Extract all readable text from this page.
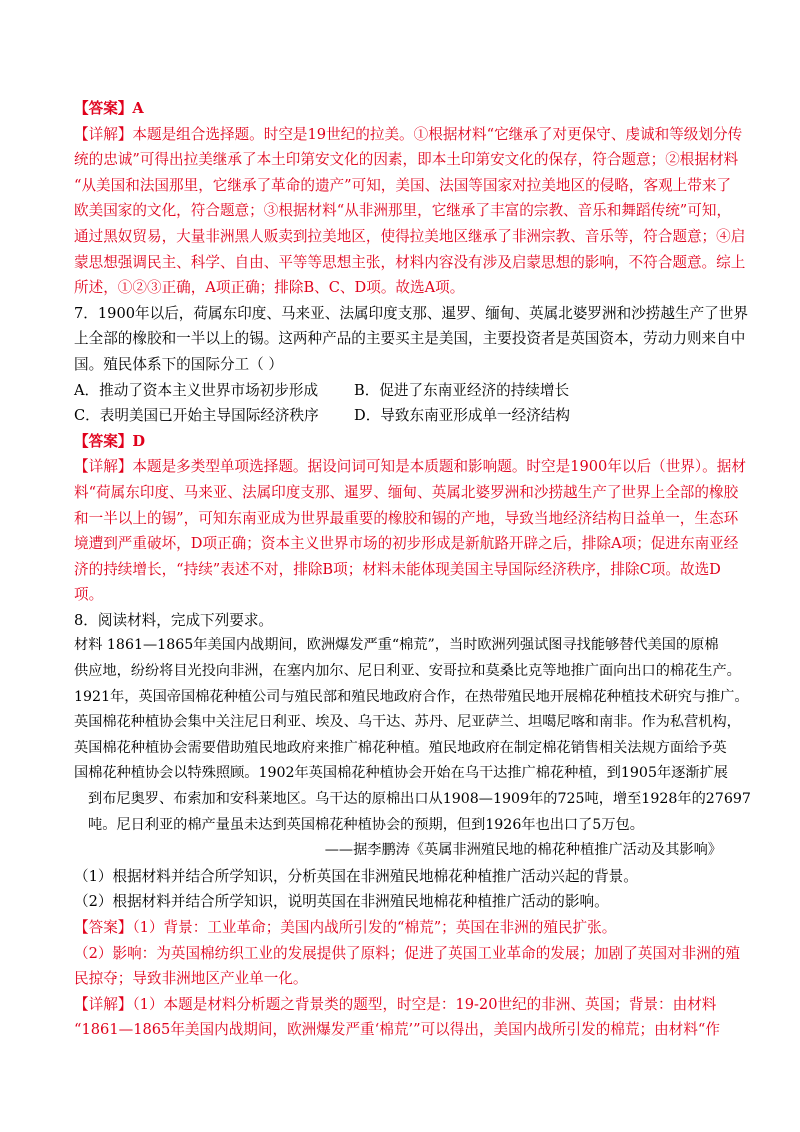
【答案】A
【详解】本题是组合选择题。时空是19世纪的拉美。①根据材料“它继承了对更保守、虔诚和等级划分传
统的忠诚”可得出拉美继承了本土印第安文化的因素，即本土印第安文化的保存，符合题意；②根据材料
“从美国和法国那里，它继承了革命的遗产”可知，美国、法国等国家对拉美地区的侵略，客观上带来了
欧美国家的文化，符合题意；③根据材料“从非洲那里，它继承了丰富的宗教、音乐和舞蹈传统”可知，
通过黑奴贸易，大量非洲黑人贩卖到拉美地区，使得拉美地区继承了非洲宗教、音乐等，符合题意；④启
蒙思想强调民主、科学、自由、平等等思想主张，材料内容没有涉及启蒙思想的影响，不符合题意。综上
所述，①②③正确，A项正确；排除B、C、D项。故选A项。
7．1900年以后，荷属东印度、马来亚、法属印度支那、暹罗、缅甸、英属北婆罗洲和沙捞越生产了世界
上全部的橡胶和一半以上的锡。这两种产品的主要买主是美国，主要投资者是英国资本，劳动力则来自中
国。殖民体系下的国际分工（ ）
A．推动了资本主义世界市场初步形成	B．促进了东南亚经济的持续增长
C．表明美国已开始主导国际经济秩序	D．导致东南亚形成单一经济结构
【答案】D
【详解】本题是多类型单项选择题。据设问词可知是本质题和影响题。时空是1900年以后（世界）。据材
料“荷属东印度、马来亚、法属印度支那、暹罗、缅甸、英属北婆罗洲和沙捞越生产了世界上全部的橡胶
和一半以上的锡”，可知东南亚成为世界最重要的橡胶和锡的产地，导致当地经济结构日益单一，生态环
境遭到严重破坏，D项正确；资本主义世界市场的初步形成是新航路开辟之后，排除A项；促进东南亚经
济的持续增长，“持续”表述不对，排除B项；材料未能体现美国主导国际经济秩序，排除C项。故选D
项。
8．阅读材料，完成下列要求。
材料 1861—1865年美国内战期间，欧洲爆发严重“棉荒”，当时欧洲列强试图寻找能够替代美国的原棉
供应地，纷纷将目光投向非洲，在塞内加尔、尼日利亚、安哥拉和莫桑比克等地推广面向出口的棉花生产。
1921年，英国帝国棉花种植公司与殖民部和殖民地政府合作，在热带殖民地开展棉花种植技术研究与推广。
英国棉花种植协会集中关注尼日利亚、埃及、乌干达、苏丹、尼亚萨兰、坦噶尼喀和南非。作为私营机构，
英国棉花种植协会需要借助殖民地政府来推广棉花种植。殖民地政府在制定棉花销售相关法规方面给予英
国棉花种植协会以特殊照顾。1902年英国棉花种植协会开始在乌干达推广棉花种植，到1905年逐渐扩展
到布尼奥罗、布索加和安科莱地区。乌干达的原棉出口从1908—1909年的725吨，增至1928年的27697
吨。尼日利亚的棉产量虽未达到英国棉花种植协会的预期，但到1926年也出口了5万包。
——据李鹏涛《英属非洲殖民地的棉花种植推广活动及其影响》
（1）根据材料并结合所学知识，分析英国在非洲殖民地棉花种植推广活动兴起的背景。
（2）根据材料并结合所学知识，说明英国在非洲殖民地棉花种植推广活动的影响。
【答案】（1）背景：工业革命；美国内战所引发的“棉荒”；英国在非洲的殖民扩张。
（2）影响：为英国棉纺织工业的发展提供了原料；促进了英国工业革命的发展；加剧了英国对非洲的殖
民掠夺；导致非洲地区产业单一化。
【详解】（1）本题是材料分析题之背景类的题型，时空是：19-20世纪的非洲、英国；背景：由材料
“1861—1865年美国内战期间，欧洲爆发严重‘棉荒’”可以得出，美国内战所引发的棉荒；由材料“作
